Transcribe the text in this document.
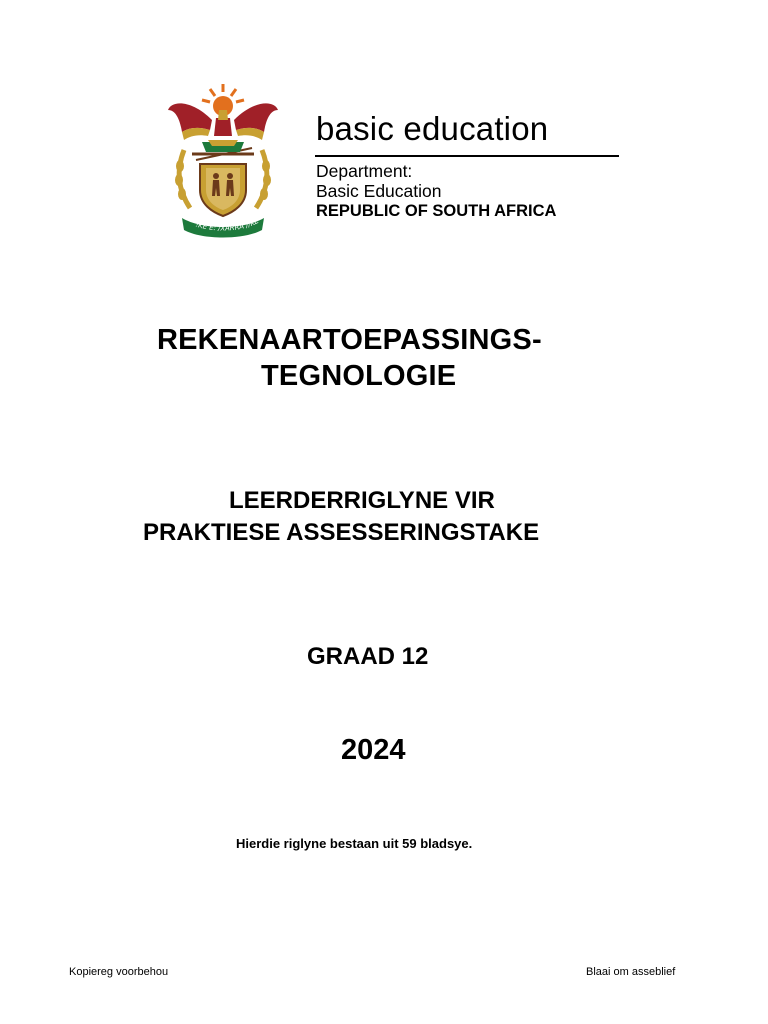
!KE E: /XARRA //KE
basic education
Department:
Basic Education
REPUBLIC OF SOUTH AFRICA
REKENAARTOEPASSINGS-
TEGNOLOGIE
LEERDERRIGLYNE VIR
PRAKTIESE ASSESSERINGSTAKE
GRAAD 12
2024
Hierdie riglyne bestaan uit 59 bladsye.
Kopiereg voorbehou	Blaai om asseblief
